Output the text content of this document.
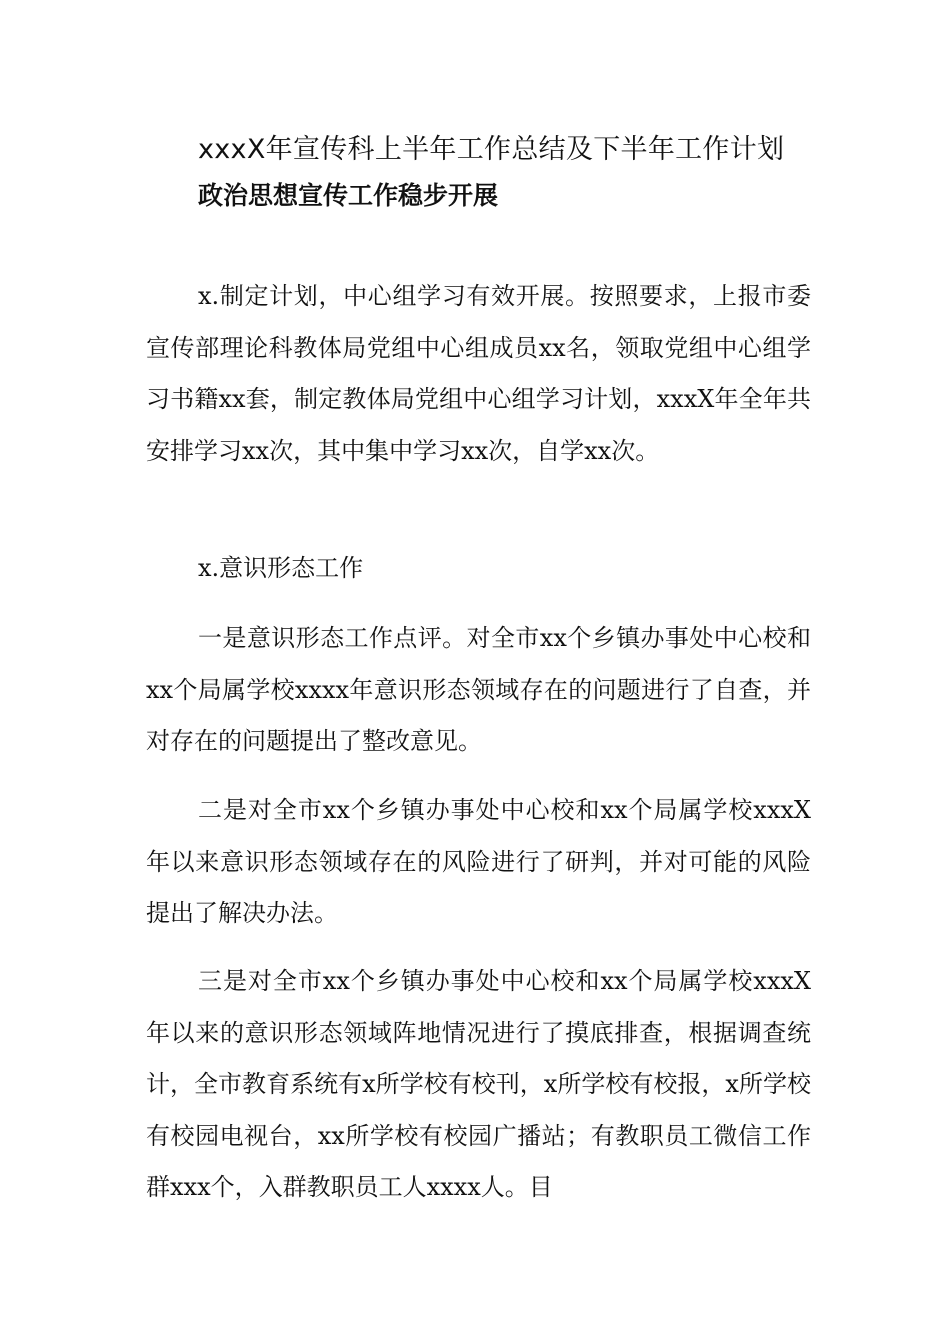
xxxX年宣传科上半年工作总结及下半年工作计划
政治思想宣传工作稳步开展

x.制定计划，中心组学习有效开展。按照要求，上报市委宣传部理论科教体局党组中心组成员xx名，领取党组中心组学习书籍xx套，制定教体局党组中心组学习计划，xxxX年全年共安排学习xx次，其中集中学习xx次，自学xx次。

x.意识形态工作

一是意识形态工作点评。对全市xx个乡镇办事处中心校和xx个局属学校xxxx年意识形态领域存在的问题进行了自查，并对存在的问题提出了整改意见。

二是对全市xx个乡镇办事处中心校和xx个局属学校xxxX年以来意识形态领域存在的风险进行了研判，并对可能的风险提出了解决办法。

三是对全市xx个乡镇办事处中心校和xx个局属学校xxxX年以来的意识形态领域阵地情况进行了摸底排查，根据调查统计，全市教育系统有x所学校有校刊，x所学校有校报，x所学校有校园电视台，xx所学校有校园广播站；有教职员工微信工作群xxx个，入群教职员工人xxxx人。目
